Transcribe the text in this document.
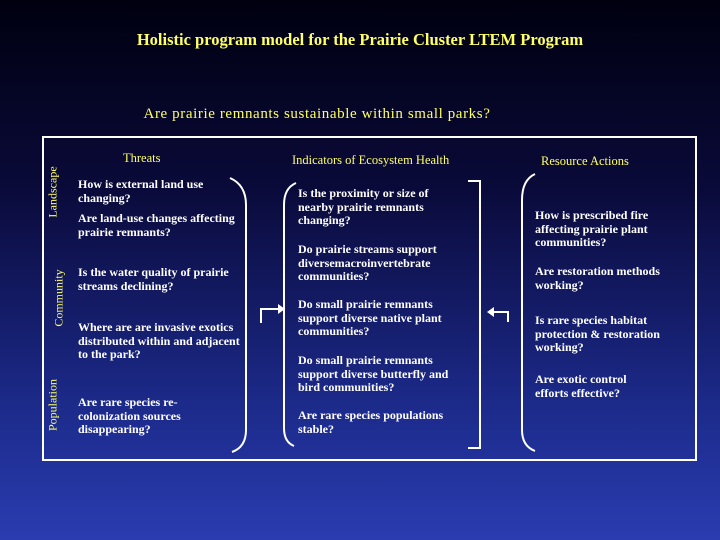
Holistic program model for the Prairie Cluster LTEM Program
Are prairie remnants sustainable within small parks?
Landscape
Community
Population
Threats	Indicators of Ecosystem Health	Resource Actions
How is external land use changing?
Are land-use changes affecting prairie remnants?
Is the water quality of prairie streams declining?
Where are are invasive exotics distributed within and adjacent to the park?
Are rare species re-colonization sources disappearing?
Is the proximity or size of nearby prairie remnants changing?
Do prairie streams support diversemacroinvertebrate communities?
Do small prairie remnants support diverse native plant communities?
Do small prairie remnants support diverse butterfly and bird communities?
Are rare species populations stable?
How is prescribed fire affecting prairie plant communities?
Are restoration methods working?
Is rare species habitat protection & restoration working?
Are exotic control efforts effective?
